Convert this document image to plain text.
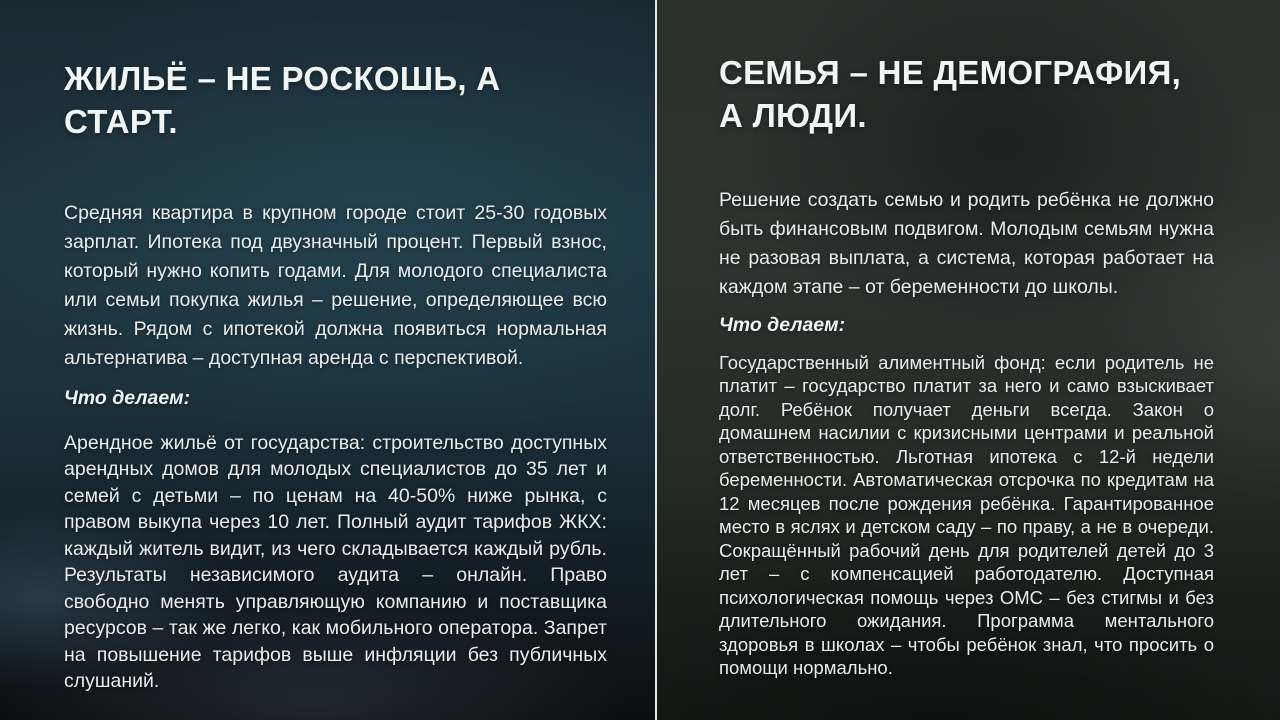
ЖИЛЬЁ – НЕ РОСКОШЬ, А СТАРТ.

Средняя квартира в крупном городе стоит 25-30 годовых зарплат. Ипотека под двузначный процент. Первый взнос, который нужно копить годами. Для молодого специалиста или семьи покупка жилья – решение, определяющее всю жизнь. Рядом с ипотекой должна появиться нормальная альтернатива – доступная аренда с перспективой.

Что делаем:

Арендное жильё от государства: строительство доступных арендных домов для молодых специалистов до 35 лет и семей с детьми – по ценам на 40-50% ниже рынка, с правом выкупа через 10 лет. Полный аудит тарифов ЖКХ: каждый житель видит, из чего складывается каждый рубль. Результаты независимого аудита – онлайн. Право свободно менять управляющую компанию и поставщика ресурсов – так же легко, как мобильного оператора. Запрет на повышение тарифов выше инфляции без публичных слушаний.

СЕМЬЯ – НЕ ДЕМОГРАФИЯ, А ЛЮДИ.

Решение создать семью и родить ребёнка не должно быть финансовым подвигом. Молодым семьям нужна не разовая выплата, а система, которая работает на каждом этапе – от беременности до школы.

Что делаем:

Государственный алиментный фонд: если родитель не платит – государство платит за него и само взыскивает долг. Ребёнок получает деньги всегда. Закон о домашнем насилии с кризисными центрами и реальной ответственностью. Льготная ипотека с 12-й недели беременности. Автоматическая отсрочка по кредитам на 12 месяцев после рождения ребёнка. Гарантированное место в яслях и детском саду – по праву, а не в очереди. Сокращённый рабочий день для родителей детей до 3 лет – с компенсацией работодателю. Доступная психологическая помощь через ОМС – без стигмы и без длительного ожидания. Программа ментального здоровья в школах – чтобы ребёнок знал, что просить о помощи нормально.
